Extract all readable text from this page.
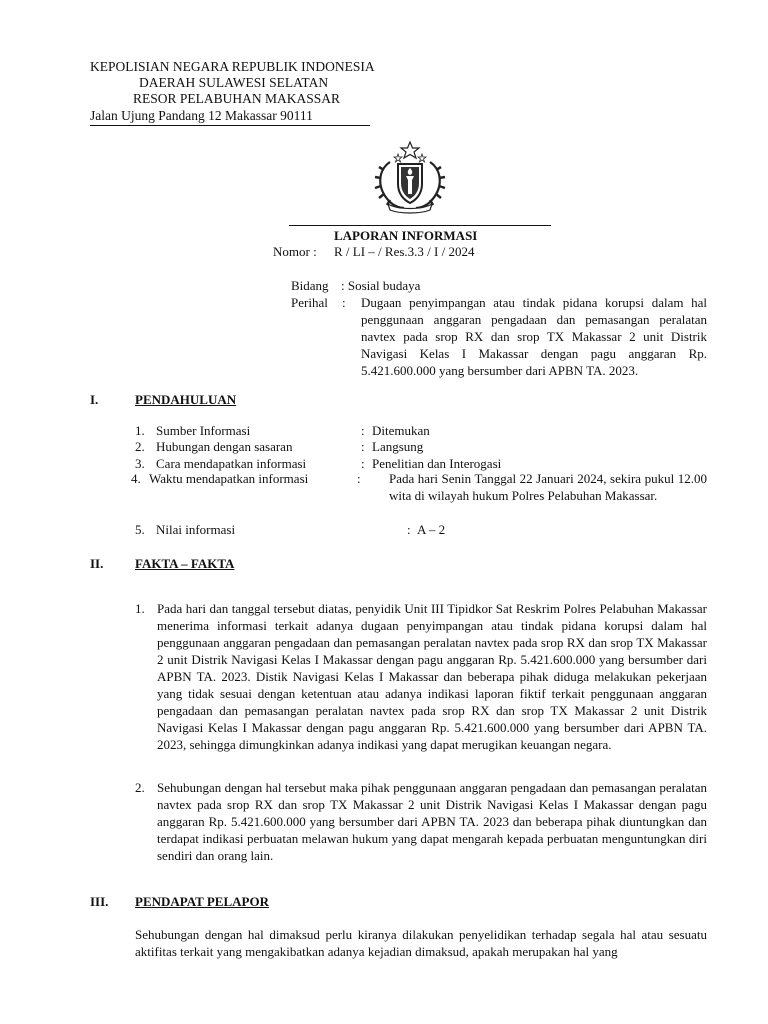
KEPOLISIAN NEGARA REPUBLIK INDONESIA
DAERAH SULAWESI SELATAN
RESOR PELABUHAN MAKASSAR
Jalan Ujung Pandang 12 Makassar 90111
LAPORAN INFORMASI
Nomor : R / LI – / Res.3.3 / I / 2024
Bidang : Sosial budaya
Perihal : Dugaan penyimpangan atau tindak pidana korupsi dalam hal penggunaan anggaran pengadaan dan pemasangan peralatan navtex pada srop RX dan srop TX Makassar 2 unit Distrik Navigasi Kelas I Makassar dengan pagu anggaran Rp. 5.421.600.000 yang bersumber dari APBN TA. 2023.
I.	PENDAHULUAN
1. Sumber Informasi	: Ditemukan
2. Hubungan dengan sasaran	: Langsung
3. Cara mendapatkan informasi	: Penelitian dan Interogasi
4. Waktu mendapatkan informasi	: Pada hari Senin Tanggal 22 Januari 2024, sekira pukul 12.00 wita di wilayah hukum Polres Pelabuhan Makassar.
5. Nilai informasi	: A – 2
II. FAKTA – FAKTA
1. Pada hari dan tanggal tersebut diatas, penyidik Unit III Tipidkor Sat Reskrim Polres Pelabuhan Makassar menerima informasi terkait adanya dugaan penyimpangan atau tindak pidana korupsi dalam hal penggunaan anggaran pengadaan dan pemasangan peralatan navtex pada srop RX dan srop TX Makassar 2 unit Distrik Navigasi Kelas I Makassar dengan pagu anggaran Rp. 5.421.600.000 yang bersumber dari APBN TA. 2023. Distik Navigasi Kelas I Makassar dan beberapa pihak diduga melakukan pekerjaan yang tidak sesuai dengan ketentuan atau adanya indikasi laporan fiktif terkait penggunaan anggaran pengadaan dan pemasangan peralatan navtex pada srop RX dan srop TX Makassar 2 unit Distrik Navigasi Kelas I Makassar dengan pagu anggaran Rp. 5.421.600.000 yang bersumber dari APBN TA. 2023, sehingga dimungkinkan adanya indikasi yang dapat merugikan keuangan negara.
2. Sehubungan dengan hal tersebut maka pihak penggunaan anggaran pengadaan dan pemasangan peralatan navtex pada srop RX dan srop TX Makassar 2 unit Distrik Navigasi Kelas I Makassar dengan pagu anggaran Rp. 5.421.600.000 yang bersumber dari APBN TA. 2023 dan beberapa pihak diuntungkan dan terdapat indikasi perbuatan melawan hukum yang dapat mengarah kepada perbuatan menguntungkan diri sendiri dan orang lain.
III. PENDAPAT PELAPOR
Sehubungan dengan hal dimaksud perlu kiranya dilakukan penyelidikan terhadap segala hal atau sesuatu aktifitas terkait yang mengakibatkan adanya kejadian dimaksud, apakah merupakan hal yang
